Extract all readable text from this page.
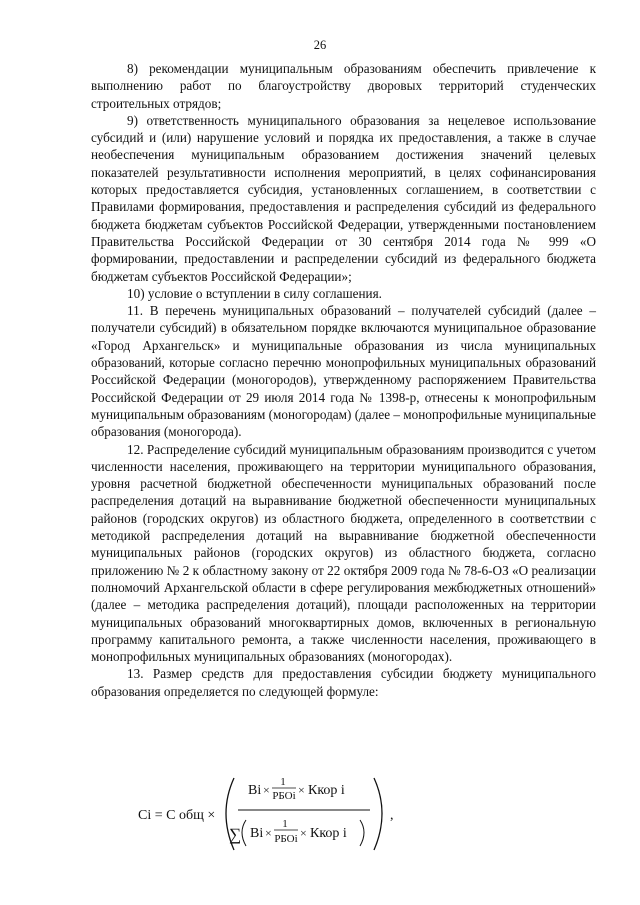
26

8) рекомендации муниципальным образованиям обеспечить привлечение к выполнению работ по благоустройству дворовых территорий студенческих строительных отрядов;

9) ответственность муниципального образования за нецелевое использование субсидий и (или) нарушение условий и порядка их предоставления, а также в случае необеспечения муниципальным образованием достижения значений целевых показателей результативности исполнения мероприятий, в целях софинансирования которых предоставляется субсидия, установленных соглашением, в соответствии с Правилами формирования, предоставления и распределения субсидий из федерального бюджета бюджетам субъектов Российской Федерации, утвержденными постановлением Правительства Российской Федерации от 30 сентября 2014 года № 999 «О формировании, предоставлении и распределении субсидий из федерального бюджета бюджетам субъектов Российской Федерации»;

10) условие о вступлении в силу соглашения.

11. В перечень муниципальных образований – получателей субсидий (далее – получатели субсидий) в обязательном порядке включаются муниципальное образование «Город Архангельск» и муниципальные образования из числа муниципальных образований, которые согласно перечню монопрофильных муниципальных образований Российской Федерации (моногородов), утвержденному распоряжением Правительства Российской Федерации от 29 июля 2014 года № 1398-р, отнесены к монопрофильным муниципальным образованиям (моногородам) (далее – монопрофильные муниципальные образования (моногорода).

12. Распределение субсидий муниципальным образованиям производится с учетом численности населения, проживающего на территории муниципального образования, уровня расчетной бюджетной обеспеченности муниципальных образований после распределения дотаций на выравнивание бюджетной обеспеченности муниципальных районов (городских округов) из областного бюджета, определенного в соответствии с методикой распределения дотаций на выравнивание бюджетной обеспеченности муниципальных районов (городских округов) из областного бюджета, согласно приложению № 2 к областному закону от 22 октября 2009 года № 78-6-ОЗ «О реализации полномочий Архангельской области в сфере регулирования межбюджетных отношений» (далее – методика распределения дотаций), площади расположенных на территории муниципальных образований многоквартирных домов, включенных в региональную программу капитального ремонта, а также численности населения, проживающего в монопрофильных муниципальных образованиях (моногородах).

13. Размер средств для предоставления субсидии бюджету муниципального образования определяется по следующей формуле:

Ci = C общ ×
Bi ×
1
РБОi × Ккор i
∑ Bi ×
1
РБОi × Ккор i
,
